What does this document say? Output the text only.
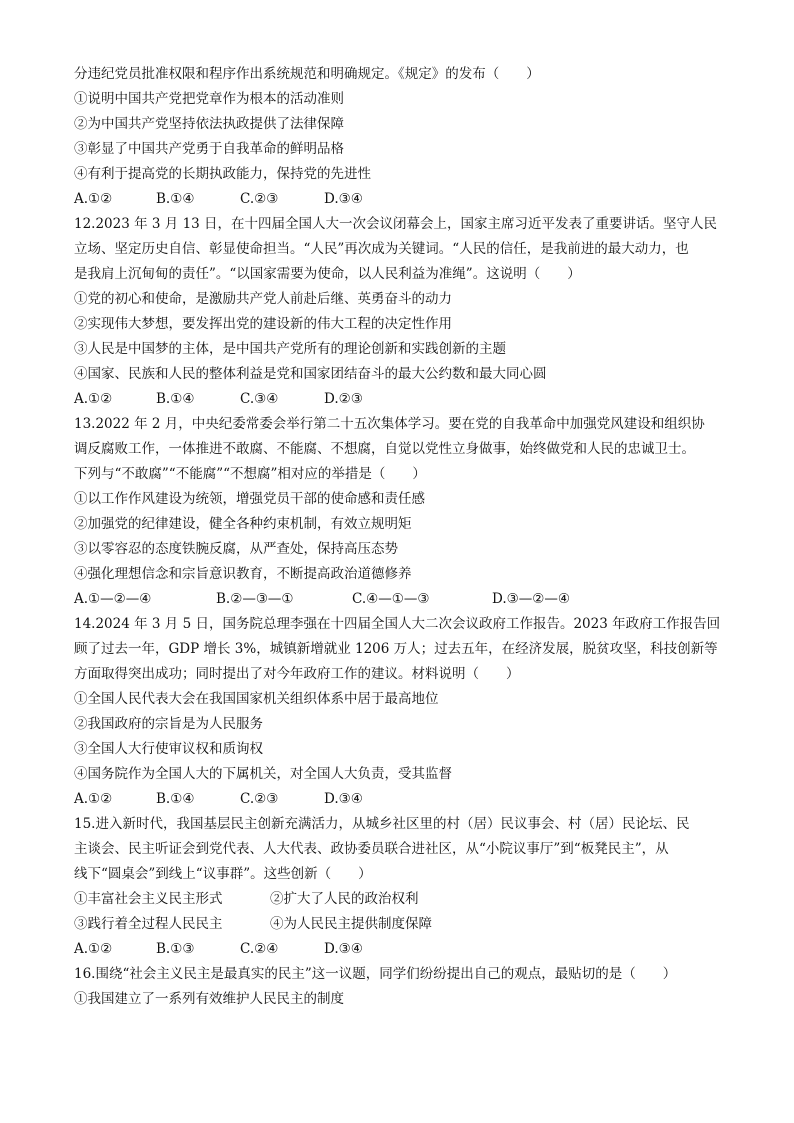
分违纪党员批准权限和程序作出系统规范和明确规定。《规定》的发布（　　）
①说明中国共产党把党章作为根本的活动准则
②为中国共产党坚持依法执政提供了法律保障
③彰显了中国共产党勇于自我革命的鲜明品格
④有利于提高党的长期执政能力，保持党的先进性
A.①②	B.①④	C.②③	D.③④
12.2023 年 3 月 13 日，在十四届全国人大一次会议闭幕会上，国家主席习近平发表了重要讲话。坚守人民
立场、坚定历史自信、彰显使命担当。“人民”再次成为关键词。“人民的信任，是我前进的最大动力，也
是我肩上沉甸甸的责任”。“以国家需要为使命，以人民利益为准绳”。这说明（　　）
①党的初心和使命，是激励共产党人前赴后继、英勇奋斗的动力
②实现伟大梦想，要发挥出党的建设新的伟大工程的决定性作用
③人民是中国梦的主体，是中国共产党所有的理论创新和实践创新的主题
④国家、民族和人民的整体利益是党和国家团结奋斗的最大公约数和最大同心圆
A.①②	B.①④	C.③④	D.②③
13.2022 年 2 月，中央纪委常委会举行第二十五次集体学习。要在党的自我革命中加强党风建设和组织协
调反腐败工作，一体推进不敢腐、不能腐、不想腐，自觉以党性立身做事，始终做党和人民的忠诚卫士。
下列与“不敢腐”“不能腐”“不想腐”相对应的举措是（　　）
①以工作作风建设为统领，增强党员干部的使命感和责任感
②加强党的纪律建设，健全各种约束机制，有效立规明矩
③以零容忍的态度铁腕反腐，从严查处，保持高压态势
④强化理想信念和宗旨意识教育，不断提高政治道德修养
A.①—②—④	B.②—③—①	C.④—①—③	D.③—②—④
14.2024 年 3 月 5 日，国务院总理李强在十四届全国人大二次会议政府工作报告。2023 年政府工作报告回
顾了过去一年，GDP 增长 3%，城镇新增就业 1206 万人；过去五年，在经济发展，脱贫攻坚，科技创新等
方面取得突出成功；同时提出了对今年政府工作的建议。材料说明（　　）
①全国人民代表大会在我国国家机关组织体系中居于最高地位
②我国政府的宗旨是为人民服务
③全国人大行使审议权和质询权
④国务院作为全国人大的下属机关，对全国人大负责，受其监督
A.①②	B.①④	C.②③	D.③④
15.进入新时代，我国基层民主创新充满活力，从城乡社区里的村（居）民议事会、村（居）民论坛、民
主谈会、民主听证会到党代表、人大代表、政协委员联合进社区，从“小院议事厅”到“板凳民主”，从
线下“圆桌会”到线上“议事群”。这些创新（　　）
①丰富社会主义民主形式	②扩大了人民的政治权利
③践行着全过程人民民主	④为人民民主提供制度保障
A.①②	B.①③	C.②④	D.③④
16.围绕“社会主义民主是最真实的民主”这一议题，同学们纷纷提出自己的观点，最贴切的是（　　）
①我国建立了一系列有效维护人民民主的制度
